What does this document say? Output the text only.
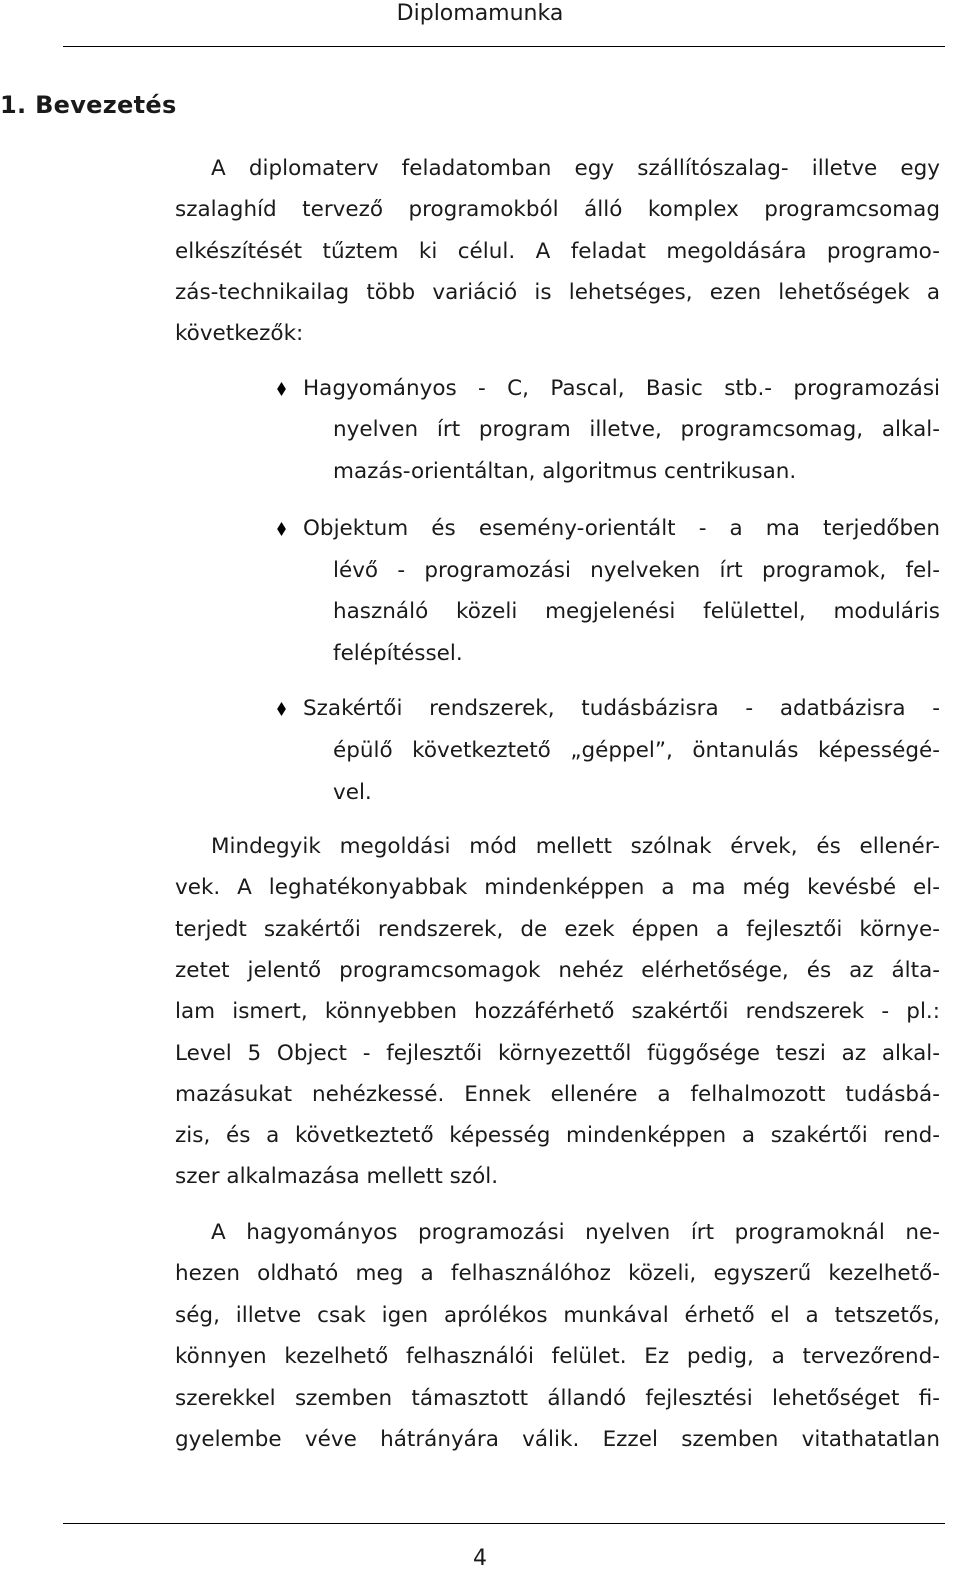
Diplomamunka
1. Bevezetés
A diplomaterv feladatomban egy szállítószalag- illetve egy
szalaghíd tervező programokból álló komplex programcsomag
elkészítését tűztem ki célul. A feladat megoldására programo-
zás-technikailag több variáció is lehetséges, ezen lehetőségek a
következők:
Hagyományos - C, Pascal, Basic stb.- programozási
nyelven írt program illetve, programcsomag, alkal-
mazás-orientáltan, algoritmus centrikusan.
Objektum és esemény-orientált - a ma terjedőben
lévő - programozási nyelveken írt programok, fel-
használó közeli megjelenési felülettel, moduláris
felépítéssel.
Szakértői rendszerek, tudásbázisra - adatbázisra -
épülő következtető „géppel”, öntanulás képességé-
vel.
Mindegyik megoldási mód mellett szólnak érvek, és ellenér-
vek. A leghatékonyabbak mindenképpen a ma még kevésbé el-
terjedt szakértői rendszerek, de ezek éppen a fejlesztői környe-
zetet jelentő programcsomagok nehéz elérhetősége, és az álta-
lam ismert, könnyebben hozzáférhető szakértői rendszerek - pl.:
Level 5 Object - fejlesztői környezettől függősége teszi az alkal-
mazásukat nehézkessé. Ennek ellenére a felhalmozott tudásbá-
zis, és a következtető képesség mindenképpen a szakértői rend-
szer alkalmazása mellett szól.
A hagyományos programozási nyelven írt programoknál ne-
hezen oldható meg a felhasználóhoz közeli, egyszerű kezelhető-
ség, illetve csak igen aprólékos munkával érhető el a tetszetős,
könnyen kezelhető felhasználói felület. Ez pedig, a tervezőrend-
szerekkel szemben támasztott állandó fejlesztési lehetőséget fi-
gyelembe véve hátrányára válik. Ezzel szemben vitathatatlan
4
